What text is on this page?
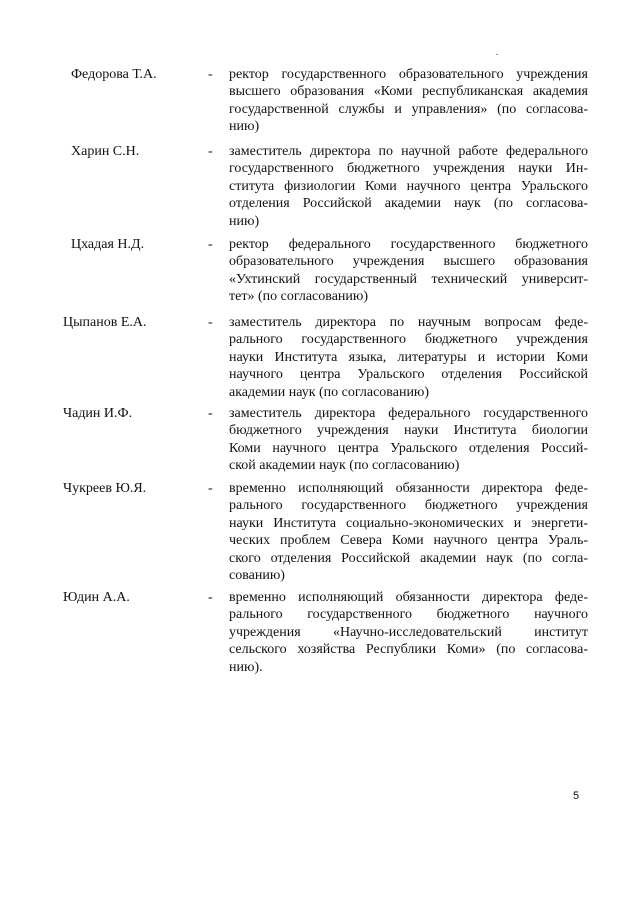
Федорова Т.А.	- ректор государственного образовательного учреждения
высшего образования «Коми республиканская академия
государственной службы и управления» (по согласова-
нию)
Харин С.Н.	- заместитель директора по научной работе федерального
государственного бюджетного учреждения науки Ин-
ститута физиологии Коми научного центра Уральского
отделения Российской академии наук (по согласова-
нию)
Цхадая Н.Д.	- ректор федерального государственного бюджетного
образовательного учреждения высшего образования
«Ухтинский государственный технический университ-
тет» (по согласованию)
Цыпанов Е.А.	- заместитель директора по научным вопросам феде-
рального государственного бюджетного учреждения
науки Института языка, литературы и истории Коми
научного центра Уральского отделения Российской
академии наук (по согласованию)
Чадин И.Ф.	- заместитель директора федерального государственного
бюджетного учреждения науки Института биологии
Коми научного центра Уральского отделения Россий-
ской академии наук (по согласованию)
Чукреев Ю.Я.	- временно исполняющий обязанности директора феде-
рального государственного бюджетного учреждения
науки Института социально-экономических и энергети-
ческих проблем Севера Коми научного центра Ураль-
ского отделения Российской академии наук (по согла-
сованию)
Юдин А.А.	- временно исполняющий обязанности директора феде-
рального государственного бюджетного научного
учреждения «Научно-исследовательский институт
сельского хозяйства Республики Коми» (по согласова-
нию).
5
